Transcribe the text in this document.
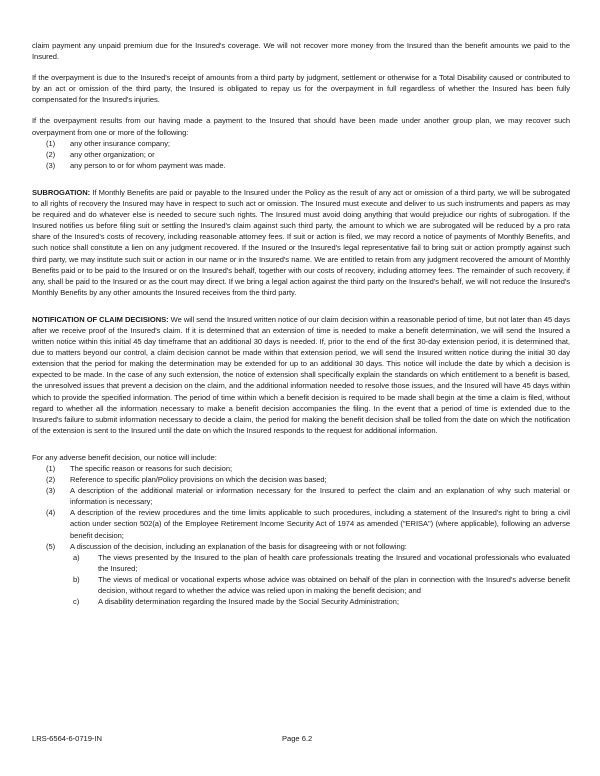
claim payment any unpaid premium due for the Insured's coverage. We will not recover more money from the Insured than the benefit amounts we paid to the Insured.

If the overpayment is due to the Insured's receipt of amounts from a third party by judgment, settlement or otherwise for a Total Disability caused or contributed to by an act or omission of the third party, the Insured is obligated to repay us for the overpayment in full regardless of whether the Insured has been fully compensated for the Insured's injuries.

If the overpayment results from our having made a payment to the Insured that should have been made under another group plan, we may recover such overpayment from one or more of the following:

(1)	any other insurance company;
(2)	any other organization; or
(3)	any person to or for whom payment was made.

SUBROGATION: If Monthly Benefits are paid or payable to the Insured under the Policy as the result of any act or omission of a third party, we will be subrogated to all rights of recovery the Insured may have in respect to such act or omission. The Insured must execute and deliver to us such instruments and papers as may be required and do whatever else is needed to secure such rights. The Insured must avoid doing anything that would prejudice our rights of subrogation. If the Insured notifies us before filing suit or settling the Insured's claim against such third party, the amount to which we are subrogated will be reduced by a pro rata share of the Insured's costs of recovery, including reasonable attorney fees. If suit or action is filed, we may record a notice of payments of Monthly Benefits, and such notice shall constitute a lien on any judgment recovered. If the Insured or the Insured's legal representative fail to bring suit or action promptly against such third party, we may institute such suit or action in our name or in the Insured's name. We are entitled to retain from any judgment recovered the amount of Monthly Benefits paid or to be paid to the Insured or on the Insured's behalf, together with our costs of recovery, including attorney fees. The remainder of such recovery, if any, shall be paid to the Insured or as the court may direct. If we bring a legal action against the third party on the Insured's behalf, we will not reduce the Insured's Monthly Benefits by any other amounts the Insured receives from the third party.

NOTIFICATION OF CLAIM DECISIONS: We will send the Insured written notice of our claim decision within a reasonable period of time, but not later than 45 days after we receive proof of the Insured's claim. If it is determined that an extension of time is needed to make a benefit determination, we will send the Insured a written notice within this initial 45 day timeframe that an additional 30 days is needed. If, prior to the end of the first 30-day extension period, it is determined that, due to matters beyond our control, a claim decision cannot be made within that extension period, we will send the Insured written notice during the initial 30 day extension that the period for making the determination may be extended for up to an additional 30 days. This notice will include the date by which a decision is expected to be made. In the case of any such extension, the notice of extension shall specifically explain the standards on which entitlement to a benefit is based, the unresolved issues that prevent a decision on the claim, and the additional information needed to resolve those issues, and the Insured will have 45 days within which to provide the specified information. The period of time within which a benefit decision is required to be made shall begin at the time a claim is filed, without regard to whether all the information necessary to make a benefit decision accompanies the filing. In the event that a period of time is extended due to the Insured's failure to submit information necessary to decide a claim, the period for making the benefit decision shall be tolled from the date on which the notification of the extension is sent to the Insured until the date on which the Insured responds to the request for additional information.

For any adverse benefit decision, our notice will include:

(1)	The specific reason or reasons for such decision;
(2)	Reference to specific plan/Policy provisions on which the decision was based;
(3)	A description of the additional material or information necessary for the Insured to perfect the claim and an explanation of why such material or information is necessary;
(4)	A description of the review procedures and the time limits applicable to such procedures, including a statement of the Insured's right to bring a civil action under section 502(a) of the Employee Retirement Income Security Act of 1974 as amended ("ERISA") (where applicable), following an adverse benefit decision;
(5)	A discussion of the decision, including an explanation of the basis for disagreeing with or not following:
a)	The views presented by the Insured to the plan of health care professionals treating the Insured and vocational professionals who evaluated the Insured;
b)	The views of medical or vocational experts whose advice was obtained on behalf of the plan in connection with the Insured's adverse benefit decision, without regard to whether the advice was relied upon in making the benefit decision; and
c)	A disability determination regarding the Insured made by the Social Security Administration;
LRS-6564-6-0719-IN	Page 6.2
